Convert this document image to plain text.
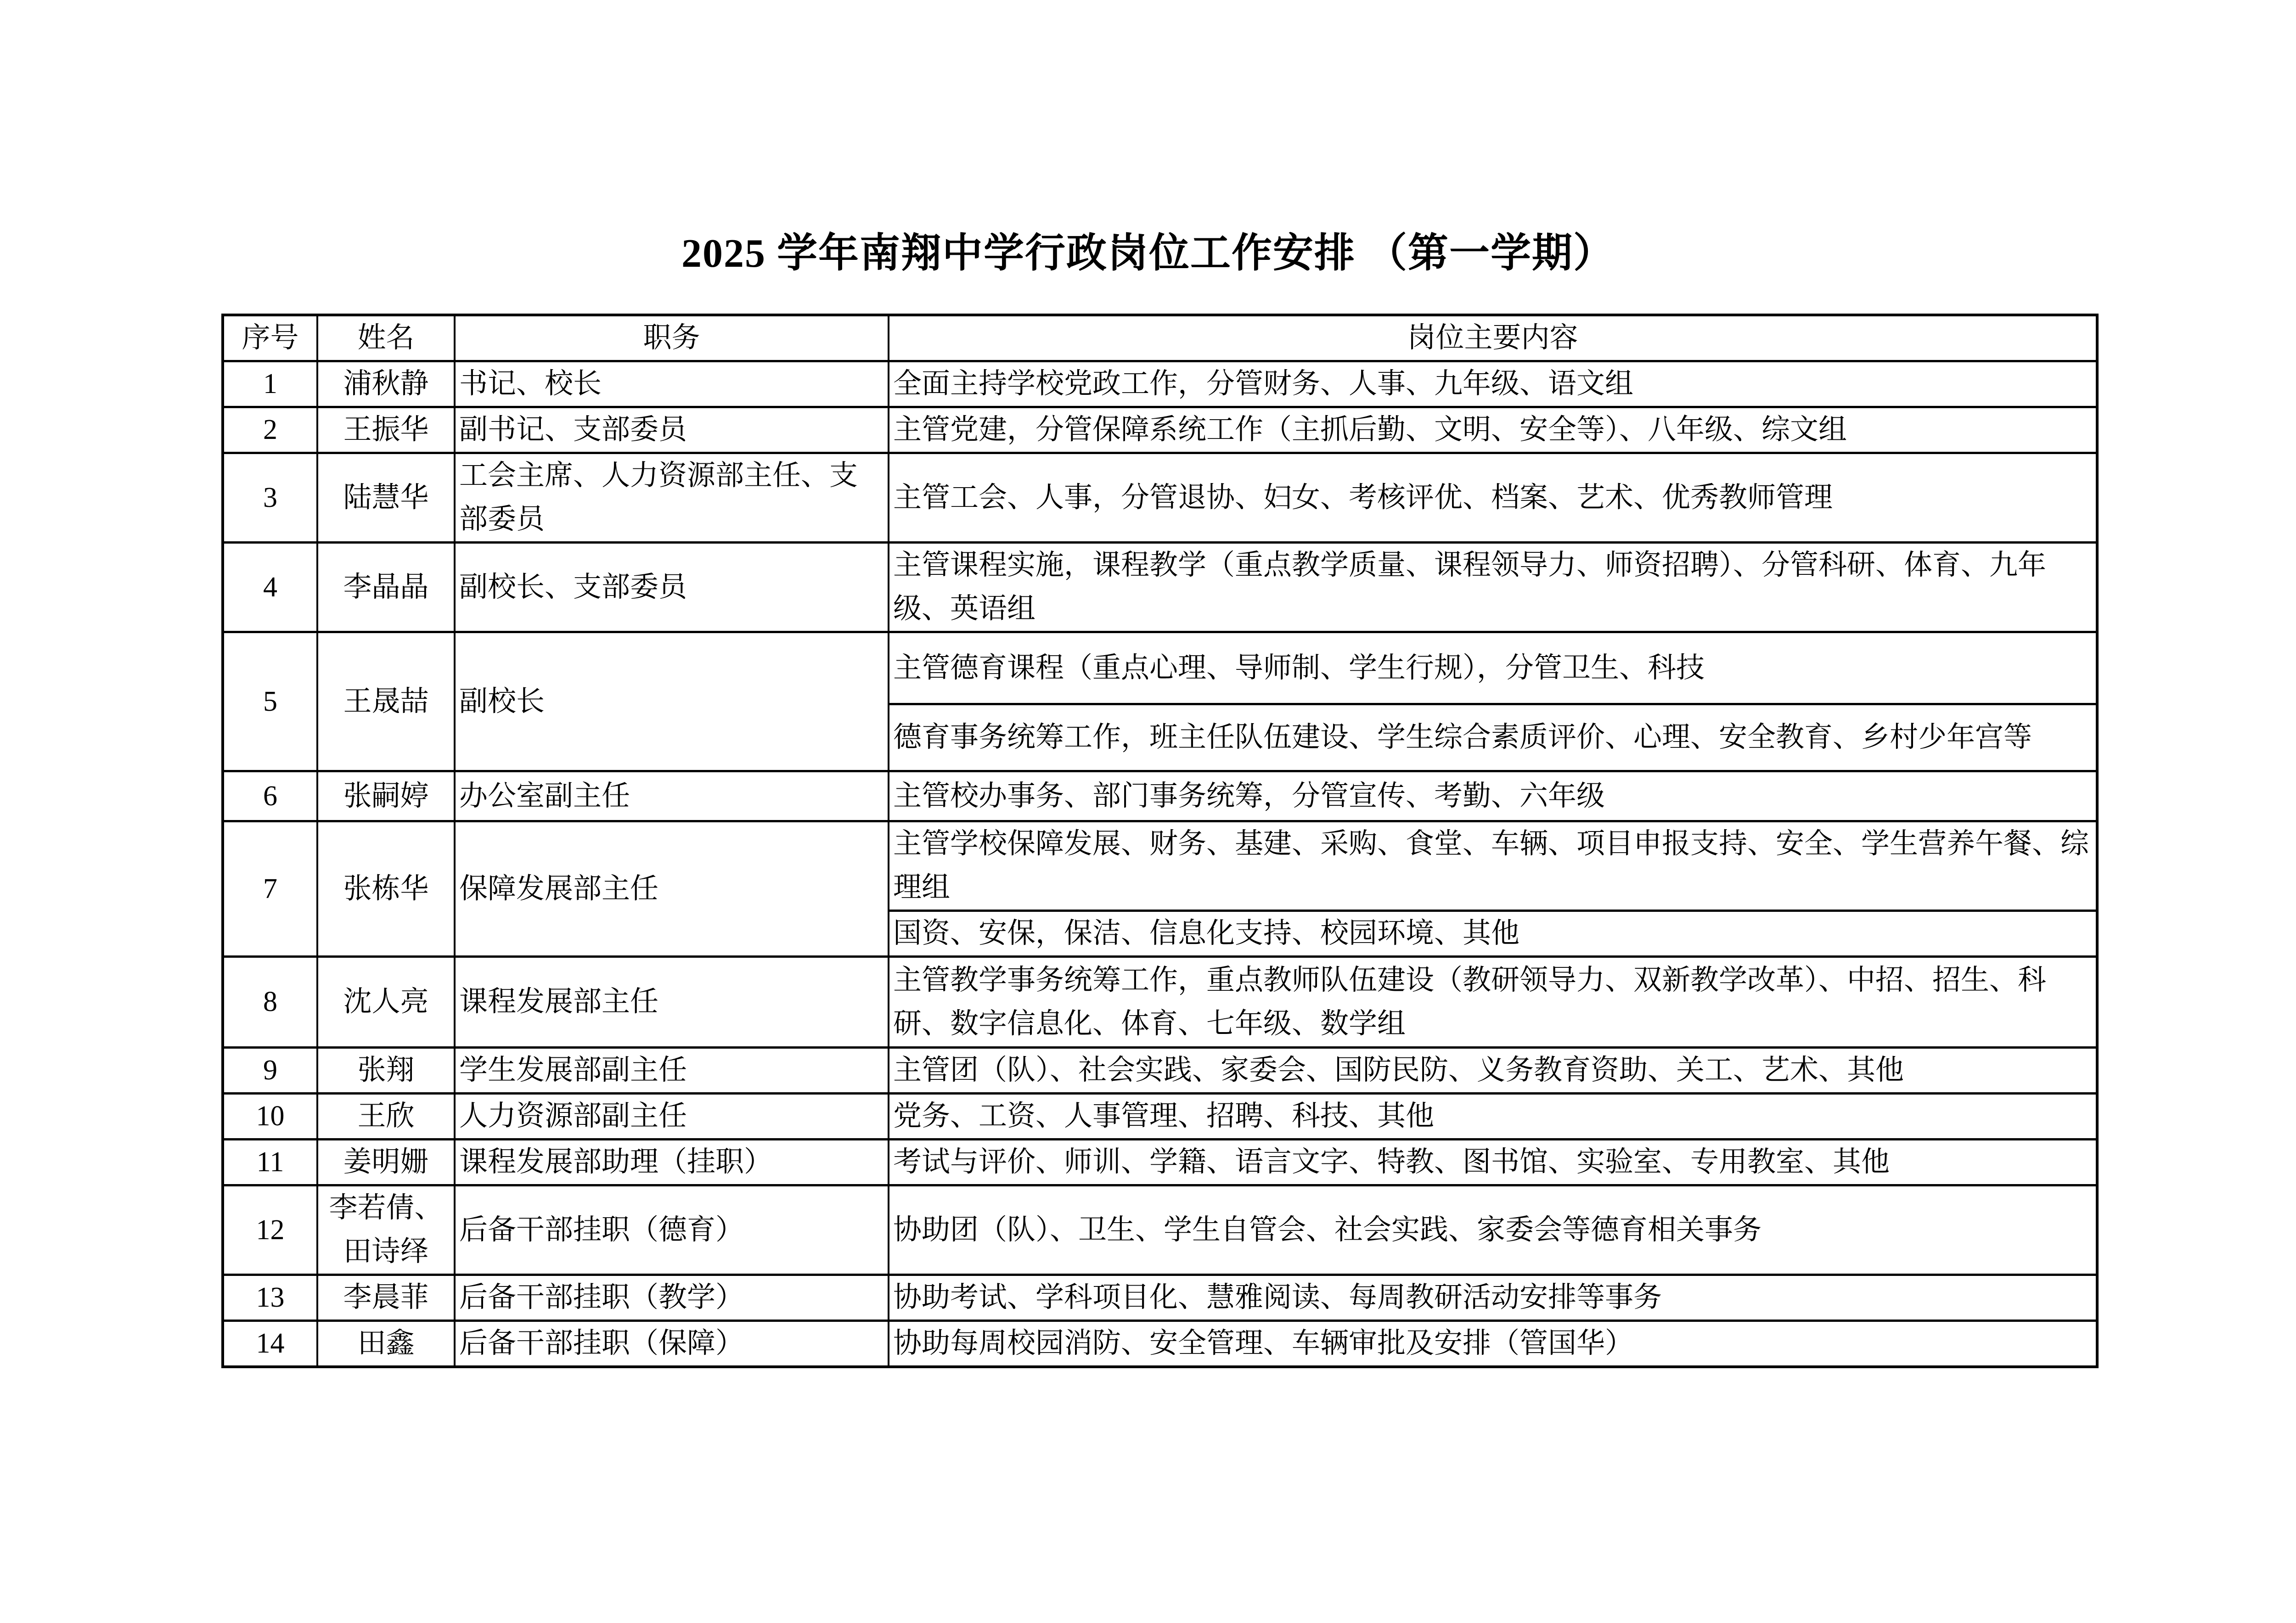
2025 学年南翔中学行政岗位工作安排 （第一学期）
序号	姓名	职务	岗位主要内容
1	浦秋静	书记、校长	全面主持学校党政工作，分管财务、人事、九年级、语文组
2	王振华	副书记、支部委员	主管党建，分管保障系统工作（主抓后勤、文明、安全等）、八年级、综文组
3	陆慧华	工会主席、人力资源部主任、支部委员	主管工会、人事，分管退协、妇女、考核评优、档案、艺术、优秀教师管理
4	李晶晶	副校长、支部委员	主管课程实施，课程教学（重点教学质量、课程领导力、师资招聘）、分管科研、体育、九年级、英语组
5	王晟喆	副校长	主管德育课程（重点心理、导师制、学生行规），分管卫生、科技
			德育事务统筹工作，班主任队伍建设、学生综合素质评价、心理、安全教育、乡村少年宫等
6	张嗣婷	办公室副主任	主管校办事务、部门事务统筹，分管宣传、考勤、六年级
7	张栋华	保障发展部主任	主管学校保障发展、财务、基建、采购、食堂、车辆、项目申报支持、安全、学生营养午餐、综理组
			国资、安保，保洁、信息化支持、校园环境、其他
8	沈人亮	课程发展部主任	主管教学事务统筹工作，重点教师队伍建设（教研领导力、双新教学改革）、中招、招生、科研、数字信息化、体育、七年级、数学组
9	张翔	学生发展部副主任	主管团（队）、社会实践、家委会、国防民防、义务教育资助、关工、艺术、其他
10	王欣	人力资源部副主任	党务、工资、人事管理、招聘、科技、其他
11	姜明姗	课程发展部助理（挂职）	考试与评价、师训、学籍、语言文字、特教、图书馆、实验室、专用教室、其他
12	李若倩、田诗绎	后备干部挂职（德育）	协助团（队）、卫生、学生自管会、社会实践、家委会等德育相关事务
13	李晨菲	后备干部挂职（教学）	协助考试、学科项目化、慧雅阅读、每周教研活动安排等事务
14	田鑫	后备干部挂职（保障）	协助每周校园消防、安全管理、车辆审批及安排（管国华）
